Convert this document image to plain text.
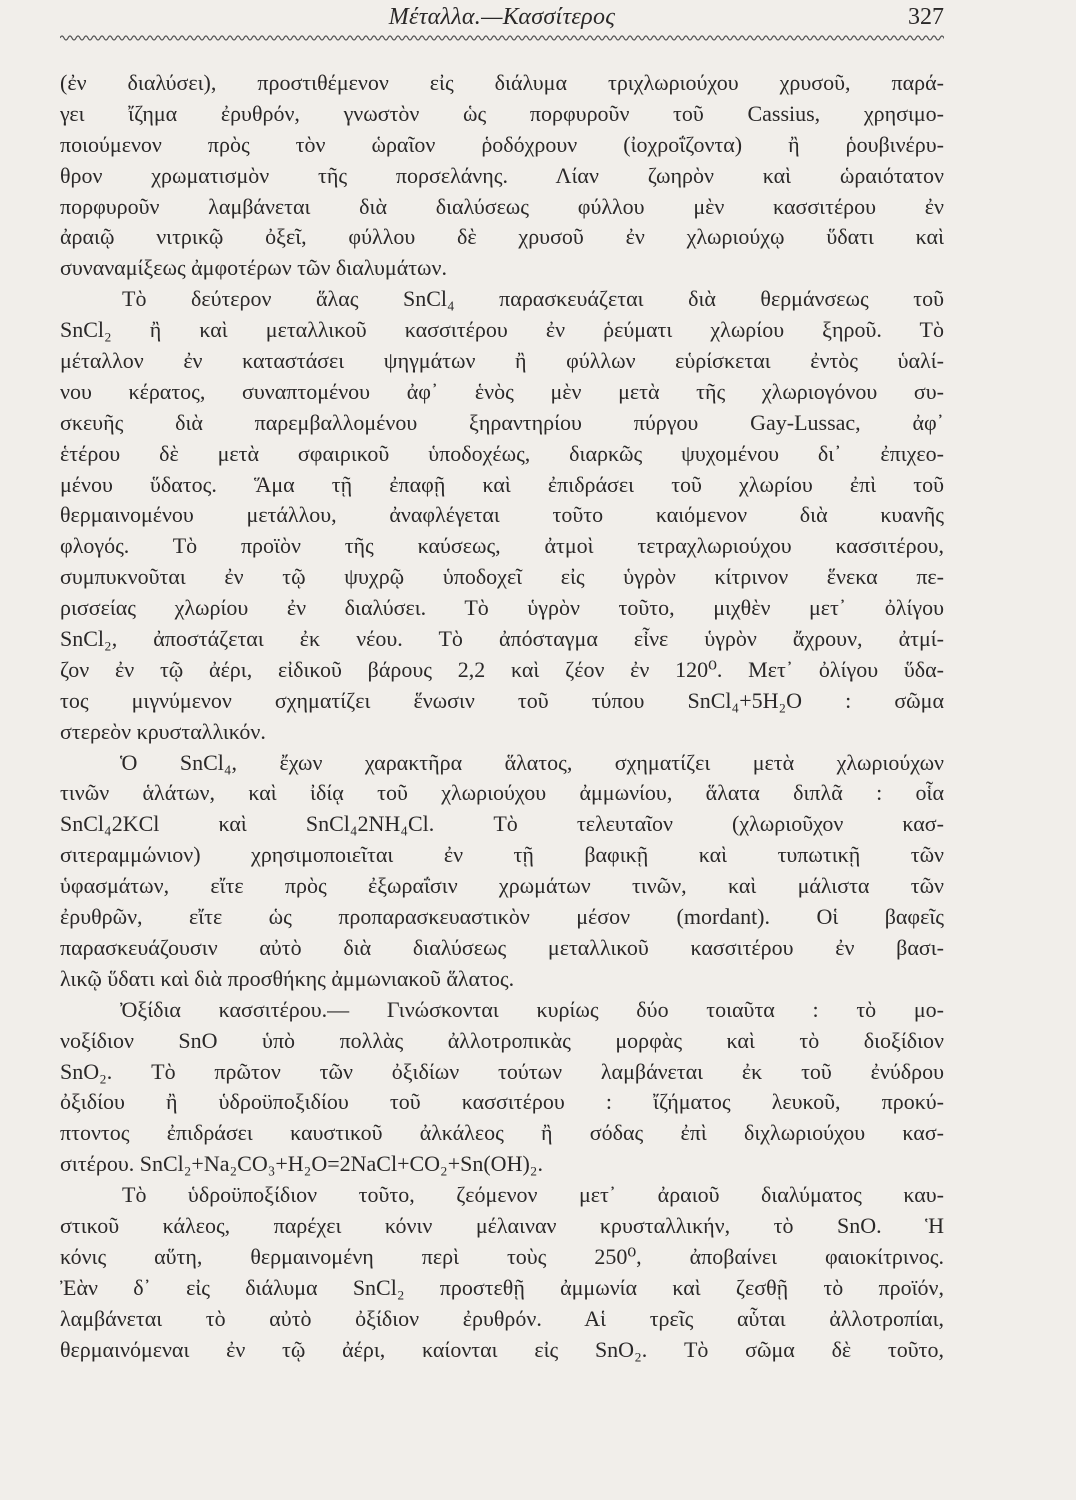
Μέταλλα.—Κασσίτερος	327
(ἐν διαλύσει), προστιθέμενον εἰς διάλυμα τριχλωριούχου χρυσοῦ, παρά-
γει ἴζημα ἐρυθρόν, γνωστὸν ὡς πορφυροῦν τοῦ Cassius, χρησιμο-
ποιούμενον πρὸς τὸν ὡραῖον ῥοδόχρουν (ἰοχροΐζοντα) ἢ ῥουβινέρυ-
θρον χρωματισμὸν τῆς πορσελάνης. Λίαν ζωηρὸν καὶ ὡραιότατον
πορφυροῦν λαμβάνεται διὰ διαλύσεως φύλλου μὲν κασσιτέρου ἐν
ἀραιῷ νιτρικῷ ὀξεῖ, φύλλου δὲ χρυσοῦ ἐν χλωριούχῳ ὕδατι καὶ
συναναμίξεως ἀμφοτέρων τῶν διαλυμάτων.
Τὸ δεύτερον ἅλας SnCl₄ παρασκευάζεται διὰ θερμάνσεως τοῦ
SnCl₂ ἢ καὶ μεταλλικοῦ κασσιτέρου ἐν ῥεύματι χλωρίου ξηροῦ. Τὸ
μέταλλον ἐν καταστάσει ψηγμάτων ἢ φύλλων εὑρίσκεται ἐντὸς ὑαλί-
νου κέρατος, συναπτομένου ἀφ᾿ ἑνὸς μὲν μετὰ τῆς χλωριογόνου συ-
σκευῆς διὰ παρεμβαλλομένου ξηραντηρίου πύργου Gay-Lussac, ἀφ᾿
ἑτέρου δὲ μετὰ σφαιρικοῦ ὑποδοχέως, διαρκῶς ψυχομένου δι᾿ ἐπιχεο-
μένου ὕδατος. Ἅμα τῇ ἐπαφῇ καὶ ἐπιδράσει τοῦ χλωρίου ἐπὶ τοῦ
θερμαινομένου μετάλλου, ἀναφλέγεται τοῦτο καιόμενον διὰ κυανῆς
φλογός. Τὸ προϊὸν τῆς καύσεως, ἀτμοὶ τετραχλωριούχου κασσιτέρου,
συμπυκνοῦται ἐν τῷ ψυχρῷ ὑποδοχεῖ εἰς ὑγρὸν κίτρινον ἕνεκα πε-
ρισσείας χλωρίου ἐν διαλύσει. Τὸ ὑγρὸν τοῦτο, μιχθὲν μετ᾿ ὀλίγου
SnCl₂, ἀποστάζεται ἐκ νέου. Τὸ ἀπόσταγμα εἶνε ὑγρὸν ἄχρουν, ἀτμί-
ζον ἐν τῷ ἀέρι, εἰδικοῦ βάρους 2,2 καὶ ζέον ἐν 120⁰. Μετ᾿ ὀλίγου ὕδα-
τος μιγνύμενον σχηματίζει ἕνωσιν τοῦ τύπου SnCl₄+5H₂O : σῶμα
στερεὸν κρυσταλλικόν.
Ὁ SnCl₄, ἔχων χαρακτῆρα ἅλατος, σχηματίζει μετὰ χλωριούχων
τινῶν ἁλάτων, καὶ ἰδίᾳ τοῦ χλωριούχου ἀμμωνίου, ἅλατα διπλᾶ : οἷα
SnCl₄2KCl καὶ SnCl₄2NH₄Cl. Τὸ τελευταῖον (χλωριοῦχον κασ-
σιτεραμμώνιον) χρησιμοποιεῖται ἐν τῇ βαφικῇ καὶ τυπωτικῇ τῶν
ὑφασμάτων, εἴτε πρὸς ἐξωραΐσιν χρωμάτων τινῶν, καὶ μάλιστα τῶν
ἐρυθρῶν, εἴτε ὡς προπαρασκευαστικὸν μέσον (mordant). Οἱ βαφεῖς
παρασκευάζουσιν αὐτὸ διὰ διαλύσεως μεταλλικοῦ κασσιτέρου ἐν βασι-
λικῷ ὕδατι καὶ διὰ προσθήκης ἀμμωνιακοῦ ἅλατος.
Ὀξίδια κασσιτέρου.— Γινώσκονται κυρίως δύο τοιαῦτα : τὸ μο-
νοξίδιον SnO ὑπὸ πολλὰς ἀλλοτροπικὰς μορφὰς καὶ τὸ διοξίδιον
SnO₂. Τὸ πρῶτον τῶν ὀξιδίων τούτων λαμβάνεται ἐκ τοῦ ἐνύδρου
ὀξιδίου ἢ ὑδροϋποξιδίου τοῦ κασσιτέρου : ἴζήματος λευκοῦ, προκύ-
πτοντος ἐπιδράσει καυστικοῦ ἀλκάλεος ἢ σόδας ἐπὶ διχλωριούχου κασ-
σιτέρου. SnCl₂+Na₂CO₃+H₂O=2NaCl+CO₂+Sn(OH)₂.
Τὸ ὑδροϋποξίδιον τοῦτο, ζεόμενον μετ᾿ ἀραιοῦ διαλύματος καυ-
στικοῦ κάλεος, παρέχει κόνιν μέλαιναν κρυσταλλικήν, τὸ SnO. Ἡ
κόνις αὕτη, θερμαινομένη περὶ τοὺς 250⁰, ἀποβαίνει φαιοκίτρινος.
Ἐὰν δ᾿ εἰς διάλυμα SnCl₂ προστεθῇ ἀμμωνία καὶ ζεσθῇ τὸ προϊόν,
λαμβάνεται τὸ αὐτὸ ὀξίδιον ἐρυθρόν. Αἱ τρεῖς αὗται ἀλλοτροπίαι,
θερμαινόμεναι ἐν τῷ ἀέρι, καίονται εἰς SnO₂. Τὸ σῶμα δὲ τοῦτο,
